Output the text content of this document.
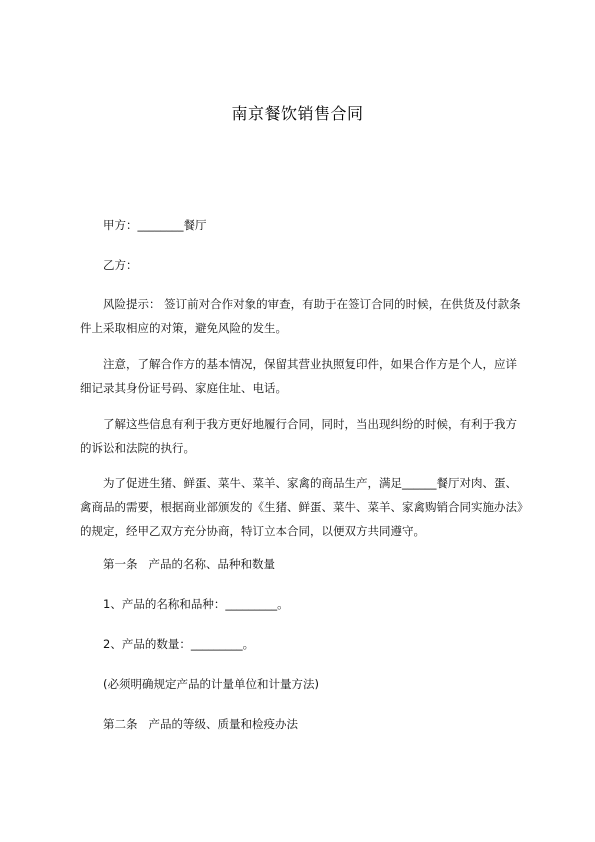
南京餐饮销售合同

甲方：________餐厅

乙方：

风险提示： 签订前对合作对象的审查，有助于在签订合同的时候，在供货及付款条件上采取相应的对策，避免风险的发生。

注意，了解合作方的基本情况，保留其营业执照复印件，如果合作方是个人，应详细记录其身份证号码、家庭住址、电话。

了解这些信息有利于我方更好地履行合同，同时，当出现纠纷的时候，有利于我方的诉讼和法院的执行。

为了促进生猪、鲜蛋、菜牛、菜羊、家禽的商品生产，满足______餐厅对肉、蛋、禽商品的需要，根据商业部颁发的《生猪、鲜蛋、菜牛、菜羊、家禽购销合同实施办法》的规定，经甲乙双方充分协商，特订立本合同，以便双方共同遵守。

第一条   产品的名称、品种和数量
1、产品的名称和品种：_________。
2、产品的数量：_________。
(必须明确规定产品的计量单位和计量方法)
第二条   产品的等级、质量和检疫办法
